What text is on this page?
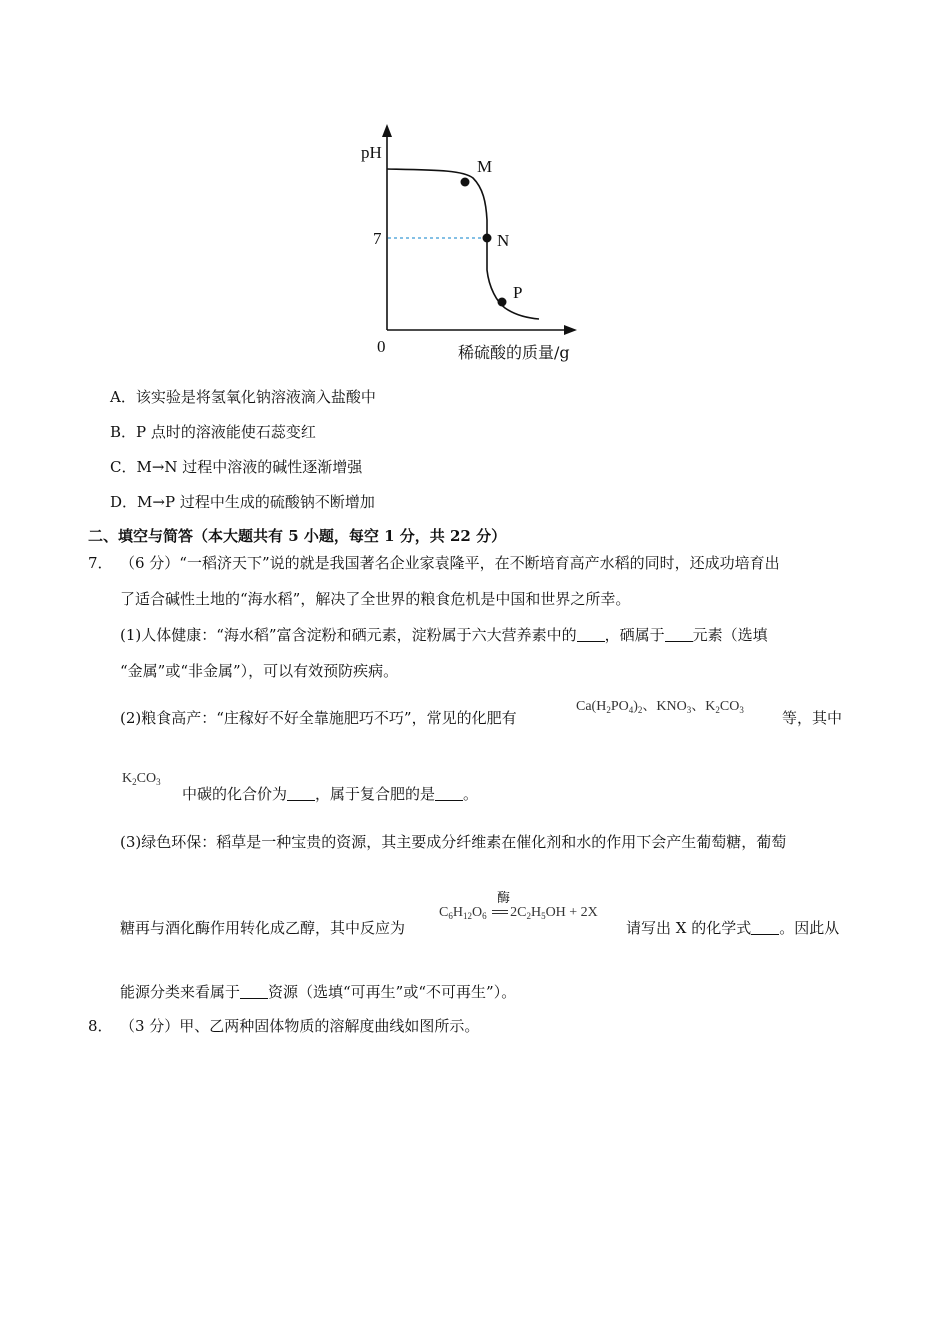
pH
7
0
M
N
P
稀硫酸的质量/g
A．该实验是将氢氧化钠溶液滴入盐酸中
B．P 点时的溶液能使石蕊变红
C．M→N 过程中溶液的碱性逐渐增强
D．M→P 过程中生成的硫酸钠不断增加
二、填空与简答（本大题共有 5 小题，每空 1 分，共 22 分）
7． （6 分）“一稻济天下”说的就是我国著名企业家袁隆平，在不断培育高产水稻的同时，还成功培育出
了适合碱性土地的“海水稻”，解决了全世界的粮食危机是中国和世界之所幸。
(1)人体健康：“海水稻”富含淀粉和硒元素，淀粉属于六大营养素中的 ，硒属于 元素（选填
“金属”或“非金属”），可以有效预防疾病。
(2)粮食高产：“庄稼好不好全靠施肥巧不巧”，常见的化肥有
$Ca(H_2PO_4)_2$、$KNO_3$、$K_2CO_3$	等，其中
$K_2CO_3$
中碳的化合价为 ，属于复合肥的是 。
(3)绿色环保：稻草是一种宝贵的资源，其主要成分纤维素在催化剂和水的作用下会产生葡萄糖，葡萄
糖再与酒化酶作用转化成乙醇，其中反应为
酶
$C_6H_{12}O_6$ $2C_2H_5OH + 2X$
请写出 X 的化学式 。因此从
能源分类来看属于 资源（选填“可再生”或“不可再生”）。
8． （3 分）甲、乙两种固体物质的溶解度曲线如图所示。
